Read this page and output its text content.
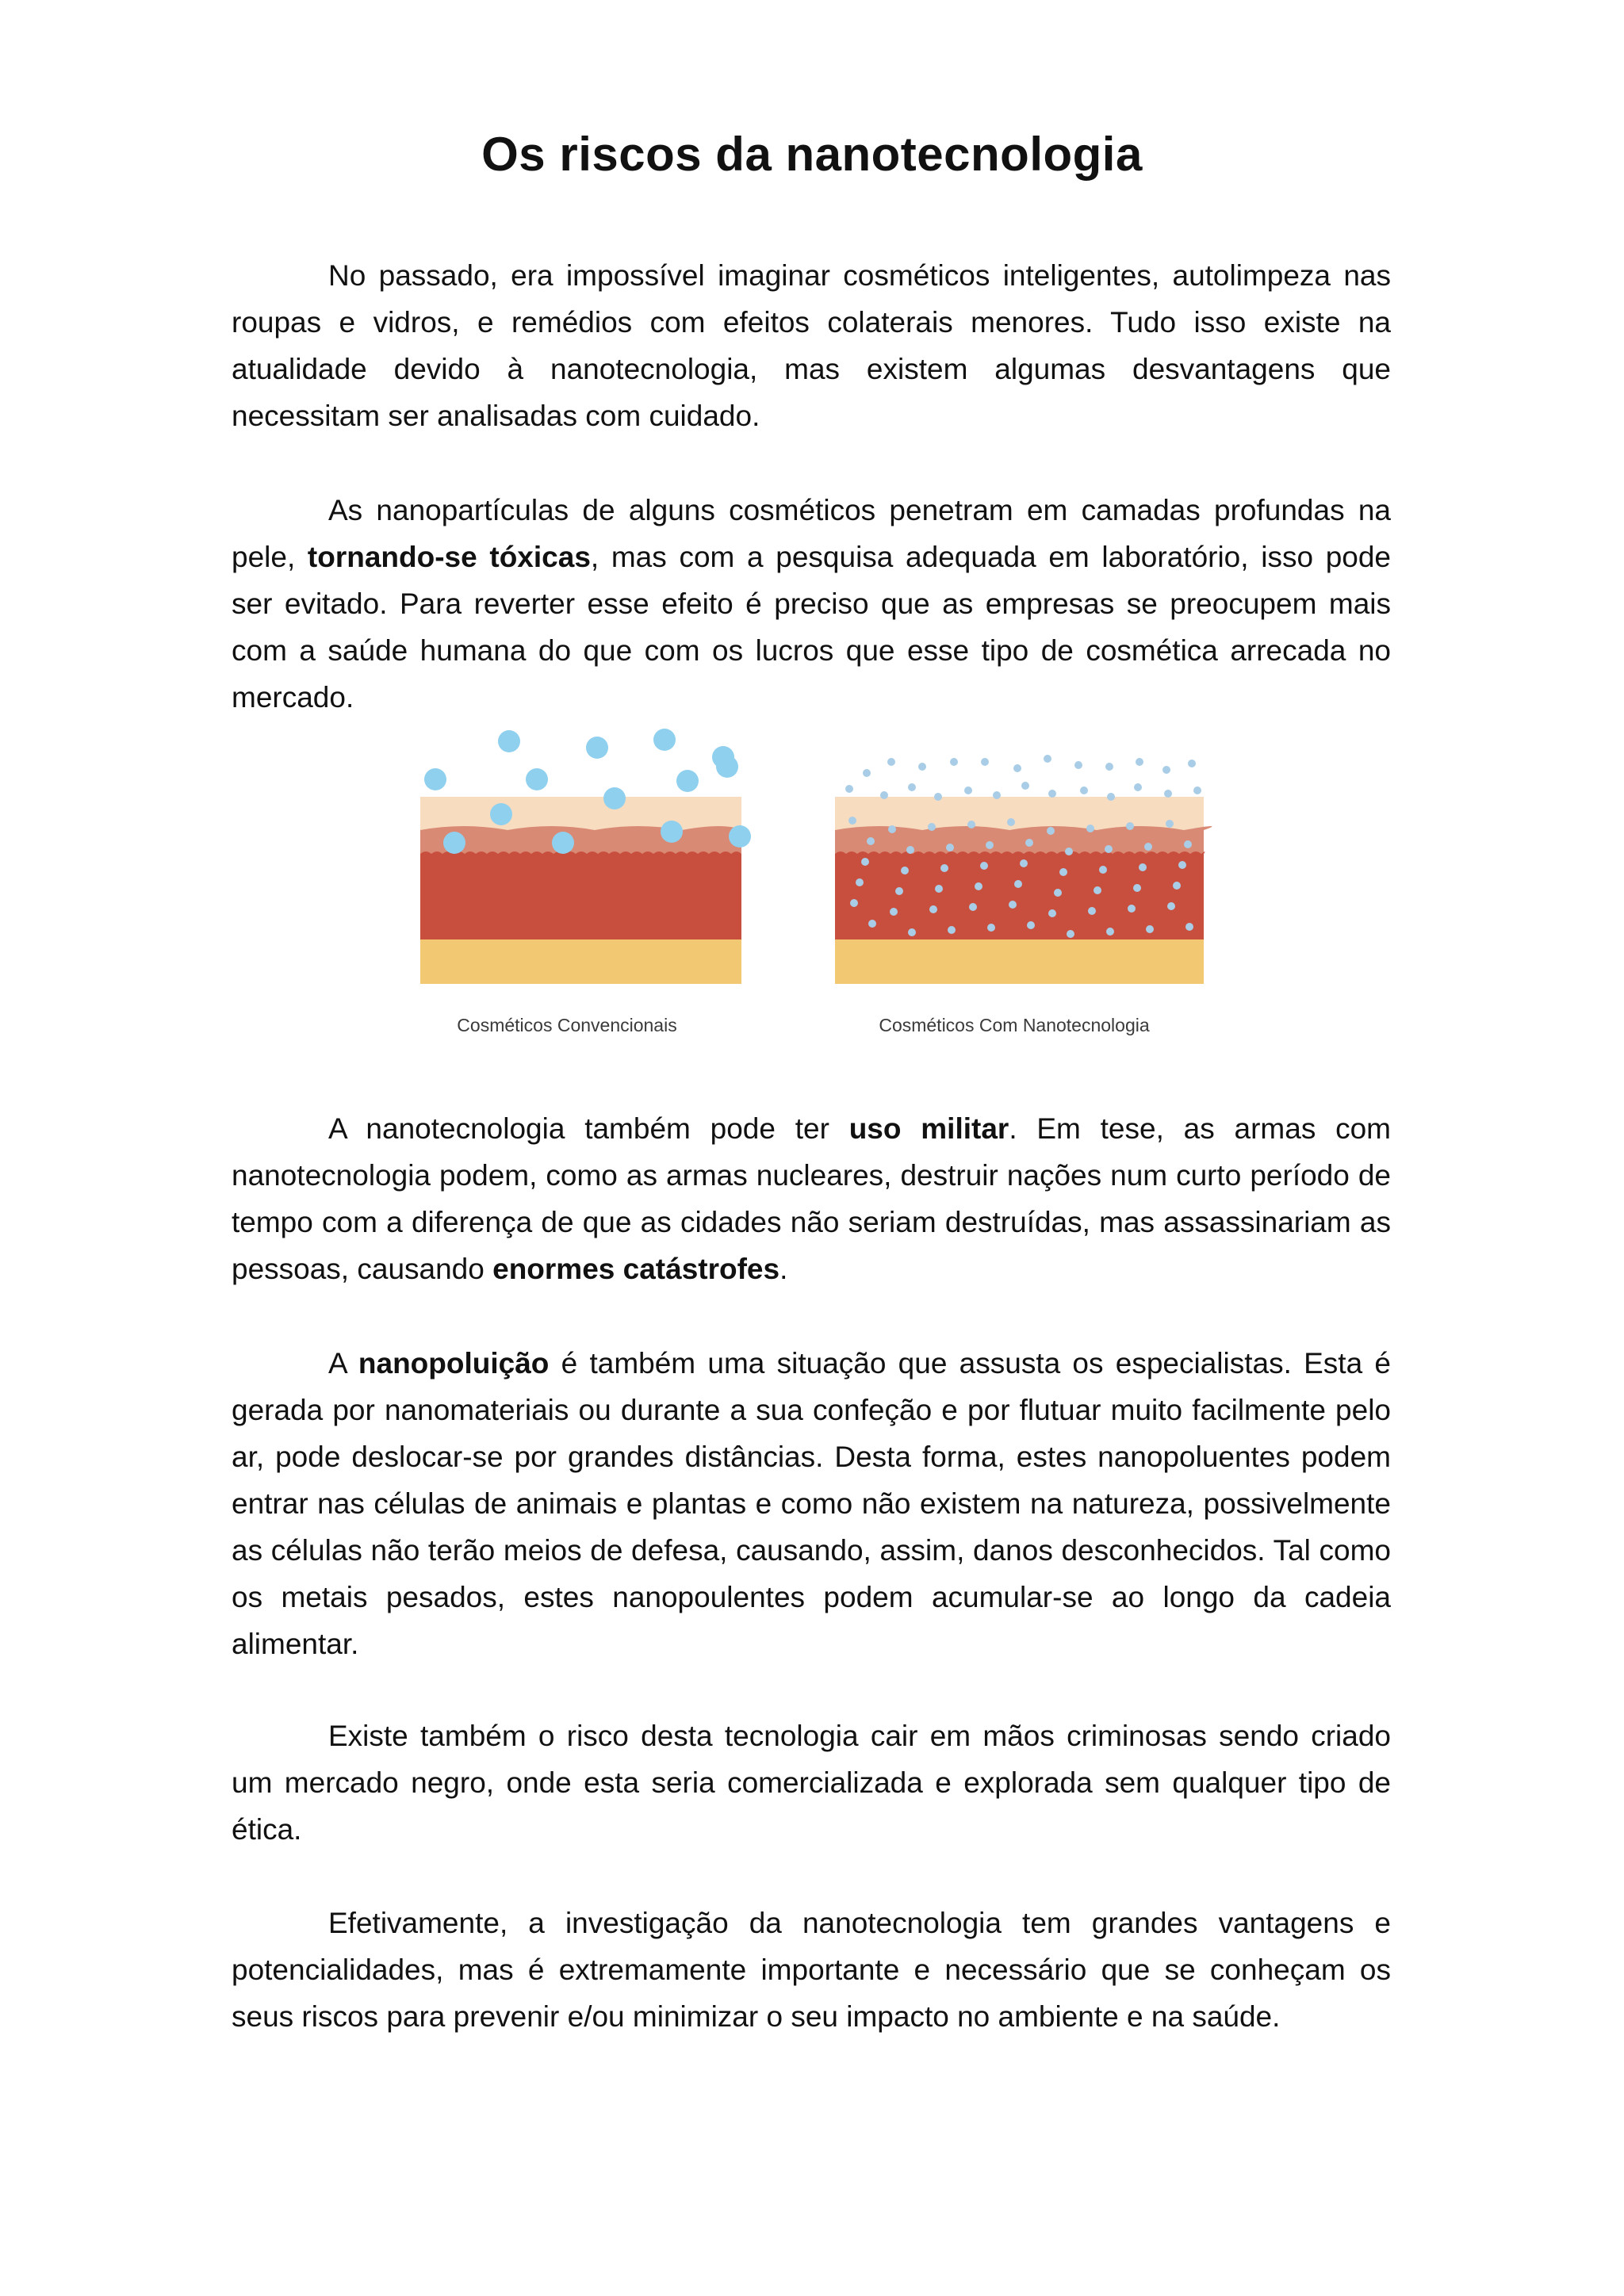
Os riscos da nanotecnologia

No passado, era impossível imaginar cosméticos inteligentes, autolimpeza nas roupas e vidros, e remédios com efeitos colaterais menores. Tudo isso existe na atualidade devido à nanotecnologia, mas existem algumas desvantagens que necessitam ser analisadas com cuidado.

As nanopartículas de alguns cosméticos penetram em camadas profundas na pele, tornando-se tóxicas, mas com a pesquisa adequada em laboratório, isso pode ser evitado. Para reverter esse efeito é preciso que as empresas se preocupem mais com a saúde humana do que com os lucros que esse tipo de cosmética arrecada no mercado.

Cosméticos Convencionais	Cosméticos Com Nanotecnologia

A nanotecnologia também pode ter uso militar. Em tese, as armas com nanotecnologia podem, como as armas nucleares, destruir nações num curto período de tempo com a diferença de que as cidades não seriam destruídas, mas assassinariam as pessoas, causando enormes catástrofes.

A nanopoluição é também uma situação que assusta os especialistas. Esta é gerada por nanomateriais ou durante a sua confeção e por flutuar muito facilmente pelo ar, pode deslocar-se por grandes distâncias. Desta forma, estes nanopoluentes podem entrar nas células de animais e plantas e como não existem na natureza, possivelmente as células não terão meios de defesa, causando, assim, danos desconhecidos. Tal como os metais pesados, estes nanopoulentes podem acumular-se ao longo da cadeia alimentar.

Existe também o risco desta tecnologia cair em mãos criminosas sendo criado um mercado negro, onde esta seria comercializada e explorada sem qualquer tipo de ética.

Efetivamente, a investigação da nanotecnologia tem grandes vantagens e potencialidades, mas é extremamente importante e necessário que se conheçam os seus riscos para prevenir e/ou minimizar o seu impacto no ambiente e na saúde.
